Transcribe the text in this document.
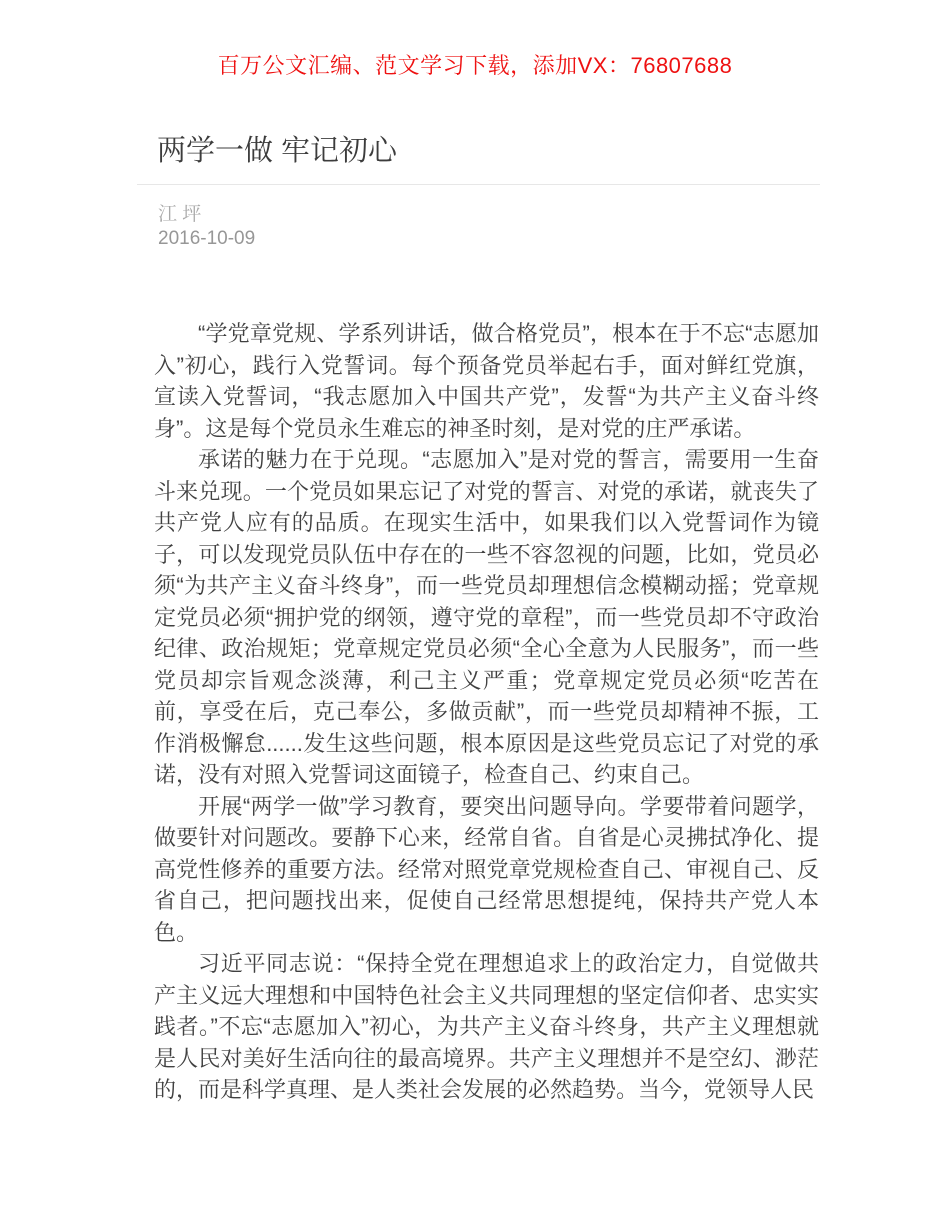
百万公文汇编、范文学习下载，添加VX：76807688
两学一做 牢记初心
江 坪
2016-10-09

“学党章党规、学系列讲话，做合格党员”，根本在于不忘“志愿加入”初心，践行入党誓词。每个预备党员举起右手，面对鲜红党旗，宣读入党誓词，“我志愿加入中国共产党”，发誓“为共产主义奋斗终身”。这是每个党员永生难忘的神圣时刻，是对党的庄严承诺。

承诺的魅力在于兑现。“志愿加入”是对党的誓言，需要用一生奋斗来兑现。一个党员如果忘记了对党的誓言、对党的承诺，就丧失了共产党人应有的品质。在现实生活中，如果我们以入党誓词作为镜子，可以发现党员队伍中存在的一些不容忽视的问题，比如，党员必须“为共产主义奋斗终身”，而一些党员却理想信念模糊动摇；党章规定党员必须“拥护党的纲领，遵守党的章程”，而一些党员却不守政治纪律、政治规矩；党章规定党员必须“全心全意为人民服务”，而一些党员却宗旨观念淡薄，利己主义严重；党章规定党员必须“吃苦在前，享受在后，克己奉公，多做贡献”，而一些党员却精神不振，工作消极懈怠......发生这些问题，根本原因是这些党员忘记了对党的承诺，没有对照入党誓词这面镜子，检查自己、约束自己。

开展“两学一做”学习教育，要突出问题导向。学要带着问题学，做要针对问题改。要静下心来，经常自省。自省是心灵拂拭净化、提高党性修养的重要方法。经常对照党章党规检查自己、审视自己、反省自己，把问题找出来，促使自己经常思想提纯，保持共产党人本色。

习近平同志说：“保持全党在理想追求上的政治定力，自觉做共产主义远大理想和中国特色社会主义共同理想的坚定信仰者、忠实实践者。”不忘“志愿加入”初心，为共产主义奋斗终身，共产主义理想就是人民对美好生活向往的最高境界。共产主义理想并不是空幻、渺茫的，而是科学真理、是人类社会发展的必然趋势。当今，党领导人民
